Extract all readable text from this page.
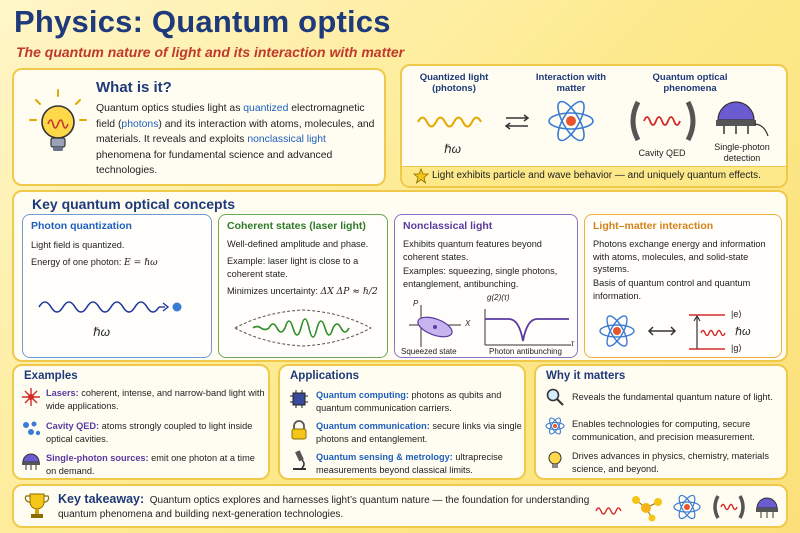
Physics: Quantum optics
The quantum nature of light and its interaction with matter
What is it?
Quantum optics studies light as quantized electromagnetic field (photons) and its interaction with atoms, molecules, and materials. It reveals and exploits nonclassical light phenomena for fundamental science and advanced technologies.
Quantized light (photons)
Interaction with matter
Quantum optical phenomena
ℏω	Cavity QED
Single-photon detection
Light exhibits particle and wave behavior — and uniquely quantum effects.
Key quantum optical concepts
Photon quantization
Light field is quantized.
Energy of one photon: E = ℏω
ℏω
Coherent states (laser light)
Well-defined amplitude and phase.
Example: laser light is close to a coherent state.
Minimizes uncertainty: ΔX ΔP ≈ ℏ/2
Nonclassical light
Exhibits quantum features beyond coherent states.
Examples: squeezing, single photons, entanglement, antibunching.
P
X
Squeezed state
g(2)(τ)
τ
Photon antibunching
Light–matter interaction
Photons exchange energy and information with atoms, molecules, and solid-state systems.
Basis of quantum control and quantum information.
|e⟩
ℏω
|g⟩
Examples
Lasers: coherent, intense, and narrow-band light with wide applications.
Cavity QED: atoms strongly coupled to light inside optical cavities.
Single-photon sources: emit one photon at a time on demand.
Applications
Quantum computing: photons as qubits and quantum communication carriers.
Quantum communication: secure links via single photons and entanglement.
Quantum sensing & metrology: ultraprecise measurements beyond classical limits.
Why it matters
Reveals the fundamental quantum nature of light.
Enables technologies for computing, secure communication, and precision measurement.
Drives advances in physics, chemistry, materials science, and beyond.
Key takeaway: Quantum optics explores and harnesses light’s quantum nature — the foundation for understanding quantum phenomena and building next-generation technologies.
